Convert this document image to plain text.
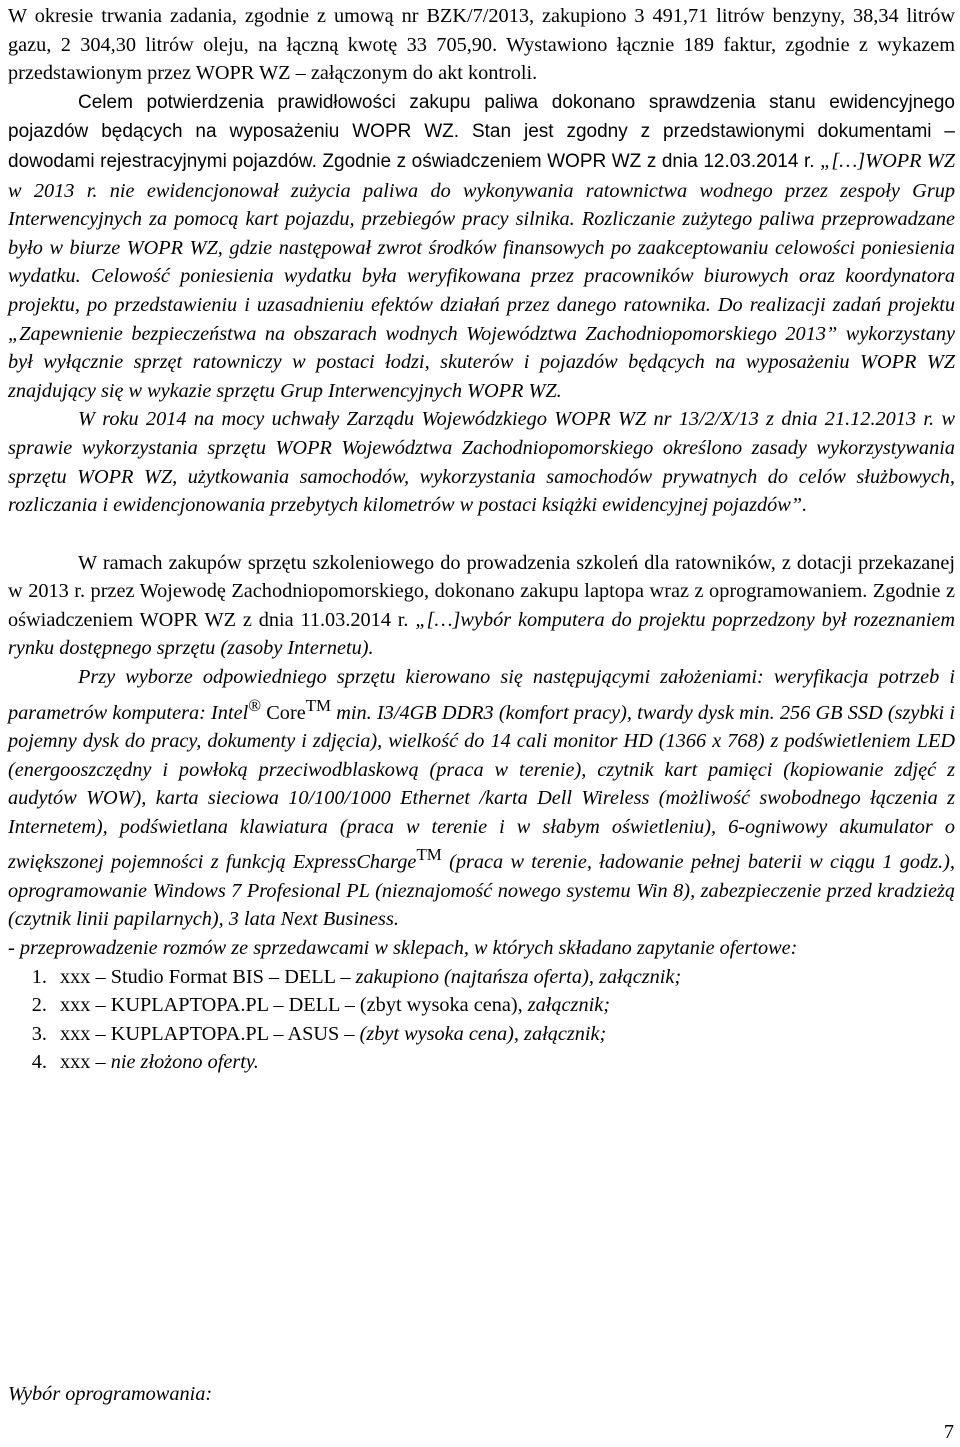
W okresie trwania zadania, zgodnie z umową nr BZK/7/2013, zakupiono 3 491,71 litrów benzyny, 38,34 litrów gazu, 2 304,30 litrów oleju, na łączną kwotę 33 705,90. Wystawiono łącznie 189 faktur, zgodnie z wykazem przedstawionym przez WOPR WZ – załączonym do akt kontroli.

Celem potwierdzenia prawidłowości zakupu paliwa dokonano sprawdzenia stanu ewidencyjnego pojazdów będących na wyposażeniu WOPR WZ. Stan jest zgodny z przedstawionymi dokumentami – dowodami rejestracyjnymi pojazdów. Zgodnie z oświadczeniem WOPR WZ z dnia 12.03.2014 r. „[…]WOPR WZ w 2013 r. nie ewidencjonował zużycia paliwa do wykonywania ratownictwa wodnego przez zespoły Grup Interwencyjnych za pomocą kart pojazdu, przebiegów pracy silnika. Rozliczanie zużytego paliwa przeprowadzane było w biurze WOPR WZ, gdzie następował zwrot środków finansowych po zaakceptowaniu celowości poniesienia wydatku. Celowość poniesienia wydatku była weryfikowana przez pracowników biurowych oraz koordynatora projektu, po przedstawieniu i uzasadnieniu efektów działań przez danego ratownika. Do realizacji zadań projektu „Zapewnienie bezpieczeństwa na obszarach wodnych Województwa Zachodniopomorskiego 2013” wykorzystany był wyłącznie sprzęt ratowniczy w postaci łodzi, skuterów i pojazdów będących na wyposażeniu WOPR WZ znajdujący się w wykazie sprzętu Grup Interwencyjnych WOPR WZ.

W roku 2014 na mocy uchwały Zarządu Wojewódzkiego WOPR WZ nr 13/2/X/13 z dnia 21.12.2013 r. w sprawie wykorzystania sprzętu WOPR Województwa Zachodniopomorskiego określono zasady wykorzystywania sprzętu WOPR WZ, użytkowania samochodów, wykorzystania samochodów prywatnych do celów służbowych, rozliczania i ewidencjonowania przebytych kilometrów w postaci książki ewidencyjnej pojazdów”.

W ramach zakupów sprzętu szkoleniowego do prowadzenia szkoleń dla ratowników, z dotacji przekazanej w 2013 r. przez Wojewodę Zachodniopomorskiego, dokonano zakupu laptopa wraz z oprogramowaniem. Zgodnie z oświadczeniem WOPR WZ z dnia 11.03.2014 r. „[…]wybór komputera do projektu poprzedzony był rozeznaniem rynku dostępnego sprzętu (zasoby Internetu).

Przy wyborze odpowiedniego sprzętu kierowano się następującymi założeniami: weryfikacja potrzeb i parametrów komputera: Intel® Core™ min. I3/4GB DDR3 (komfort pracy), twardy dysk min. 256 GB SSD (szybki i pojemny dysk do pracy, dokumenty i zdjęcia), wielkość do 14 cali monitor HD (1366 x 768) z podświetleniem LED (energooszczędny i powłoką przeciwodblaskową (praca w terenie), czytnik kart pamięci (kopiowanie zdjęć z audytów WOW), karta sieciowa 10/100/1000 Ethernet /karta Dell Wireless (możliwość swobodnego łączenia z Internetem), podświetlana klawiatura (praca w terenie i w słabym oświetleniu), 6-ogniwowy akumulator o zwiększonej pojemności z funkcją ExpressCharge™ (praca w terenie, ładowanie pełnej baterii w ciągu 1 godz.), oprogramowanie Windows 7 Profesional PL (nieznajomość nowego systemu Win 8), zabezpieczenie przed kradzieżą (czytnik linii papilarnych), 3 lata Next Business.

- przeprowadzenie rozmów ze sprzedawcami w sklepach, w których składano zapytanie ofertowe:

1. xxx – Studio Format BIS – DELL – zakupiono (najtańsza oferta), załącznik;
2. xxx – KUPLAPTOPA.PL – DELL – (zbyt wysoka cena), załącznik;
3. xxx – KUPLAPTOPA.PL – ASUS – (zbyt wysoka cena), załącznik;
4. xxx – nie złożono oferty.
Wybór oprogramowania:
7
